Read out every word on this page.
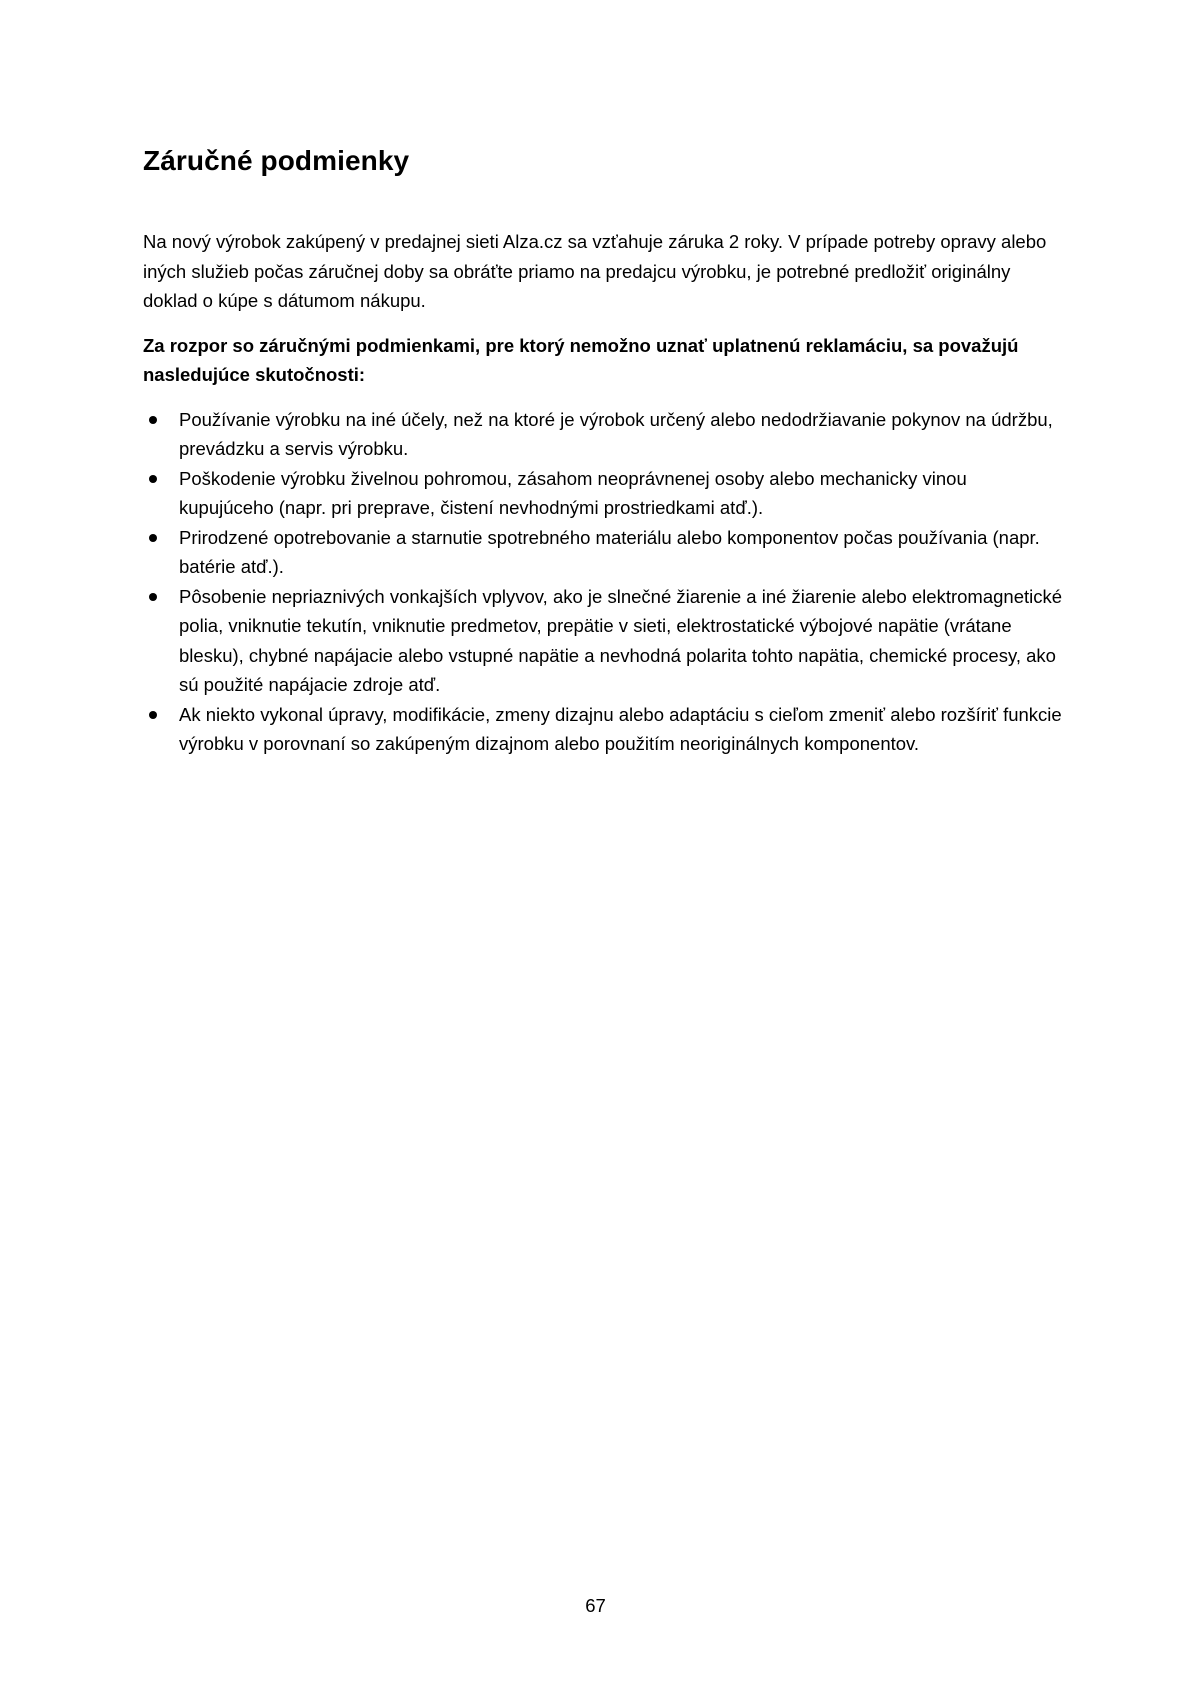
Záručné podmienky

Na nový výrobok zakúpený v predajnej sieti Alza.cz sa vzťahuje záruka 2 roky. V prípade potreby opravy alebo iných služieb počas záručnej doby sa obráťte priamo na predajcu výrobku, je potrebné predložiť originálny doklad o kúpe s dátumom nákupu.

Za rozpor so záručnými podmienkami, pre ktorý nemožno uznať uplatnenú reklamáciu, sa považujú nasledujúce skutočnosti:

Používanie výrobku na iné účely, než na ktoré je výrobok určený alebo nedodržiavanie pokynov na údržbu, prevádzku a servis výrobku.
Poškodenie výrobku živelnou pohromou, zásahom neoprávnenej osoby alebo mechanicky vinou kupujúceho (napr. pri preprave, čistení nevhodnými prostriedkami atď.).
Prirodzené opotrebovanie a starnutie spotrebného materiálu alebo komponentov počas používania (napr. batérie atď.).
Pôsobenie nepriaznivých vonkajších vplyvov, ako je slnečné žiarenie a iné žiarenie alebo elektromagnetické polia, vniknutie tekutín, vniknutie predmetov, prepätie v sieti, elektrostatické výbojové napätie (vrátane blesku), chybné napájacie alebo vstupné napätie a nevhodná polarita tohto napätia, chemické procesy, ako sú použité napájacie zdroje atď.
Ak niekto vykonal úpravy, modifikácie, zmeny dizajnu alebo adaptáciu s cieľom zmeniť alebo rozšíriť funkcie výrobku v porovnaní so zakúpeným dizajnom alebo použitím neoriginálnych komponentov.
67
